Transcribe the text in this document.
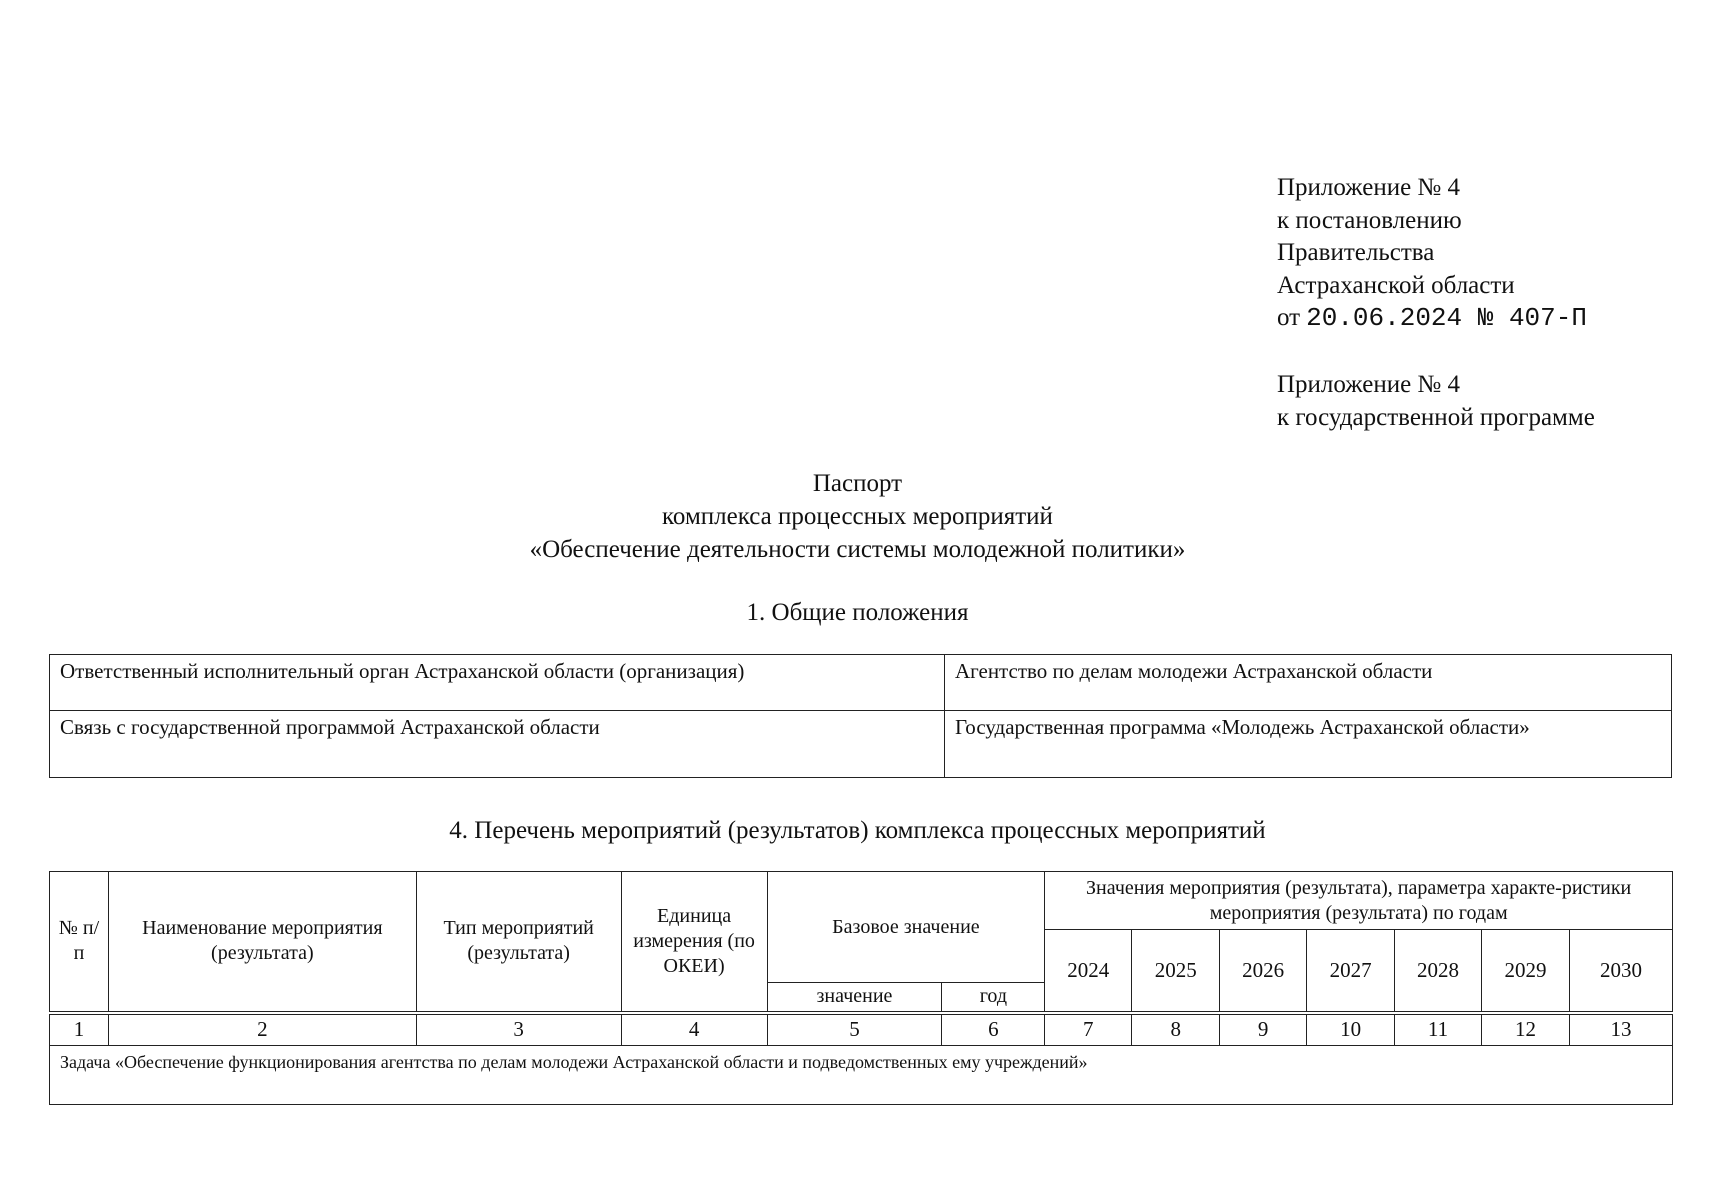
Приложение № 4
к постановлению
Правительства
Астраханской области
от 20.06.2024 № 407-П
Приложение № 4
к государственной программе
Паспорт
комплекса процессных мероприятий
«Обеспечение деятельности системы молодежной политики»
1. Общие положения
Ответственный исполнительный орган Астраханской области (организация)	Агентство по делам молодежи Астраханской области
Связь с государственной программой Астраханской области	Государственная программа «Молодежь Астраханской области»
4. Перечень мероприятий (результатов) комплекса процессных мероприятий
№ п/п	Наименование мероприятия (результата)	Тип мероприятий (результата)	Единица измерения (по ОКЕИ)	Базовое значение		Значения мероприятия (результата), параметра характе-ристики мероприятия (результата) по годам						
						2024	2025	2026	2027	2028	2029	2030
				значение	год							
1	2	3	4	5	6	7	8	9	10	11	12	13
Задача «Обеспечение функционирования агентства по делам молодежи Астраханской области и подведомственных ему учреждений»												
